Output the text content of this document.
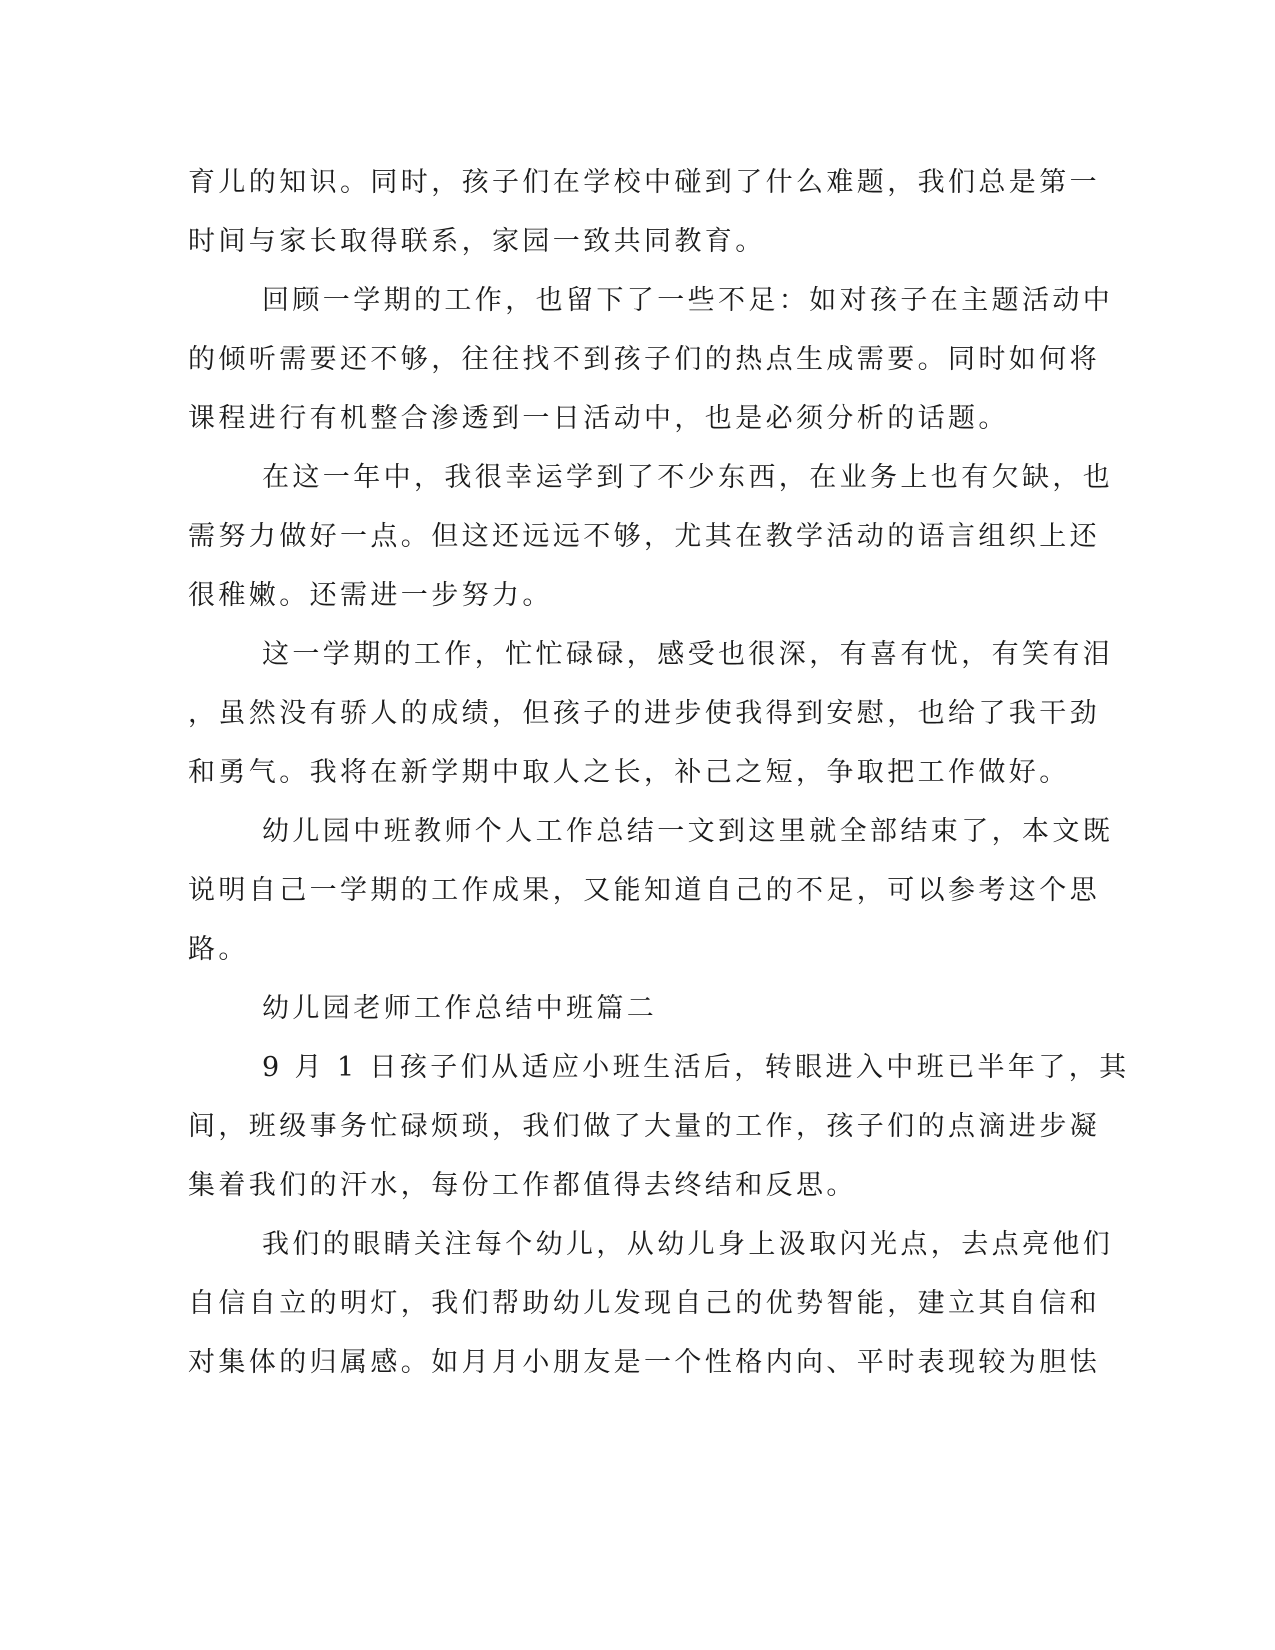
育儿的知识。同时，孩子们在学校中碰到了什么难题，我们总是第一
时间与家长取得联系，家园一致共同教育。
回顾一学期的工作，也留下了一些不足：如对孩子在主题活动中
的倾听需要还不够，往往找不到孩子们的热点生成需要。同时如何将
课程进行有机整合渗透到一日活动中，也是必须分析的话题。
在这一年中，我很幸运学到了不少东西，在业务上也有欠缺，也
需努力做好一点。但这还远远不够，尤其在教学活动的语言组织上还
很稚嫩。还需进一步努力。
这一学期的工作，忙忙碌碌，感受也很深，有喜有忧，有笑有泪
，虽然没有骄人的成绩，但孩子的进步使我得到安慰，也给了我干劲
和勇气。我将在新学期中取人之长，补己之短，争取把工作做好。
幼儿园中班教师个人工作总结一文到这里就全部结束了，本文既
说明自己一学期的工作成果，又能知道自己的不足，可以参考这个思
路。
幼儿园老师工作总结中班篇二
9 月 1 日孩子们从适应小班生活后，转眼进入中班已半年了，其
间，班级事务忙碌烦琐，我们做了大量的工作，孩子们的点滴进步凝
集着我们的汗水，每份工作都值得去终结和反思。
我们的眼睛关注每个幼儿，从幼儿身上汲取闪光点，去点亮他们
自信自立的明灯，我们帮助幼儿发现自己的优势智能，建立其自信和
对集体的归属感。如月月小朋友是一个性格内向、平时表现较为胆怯
